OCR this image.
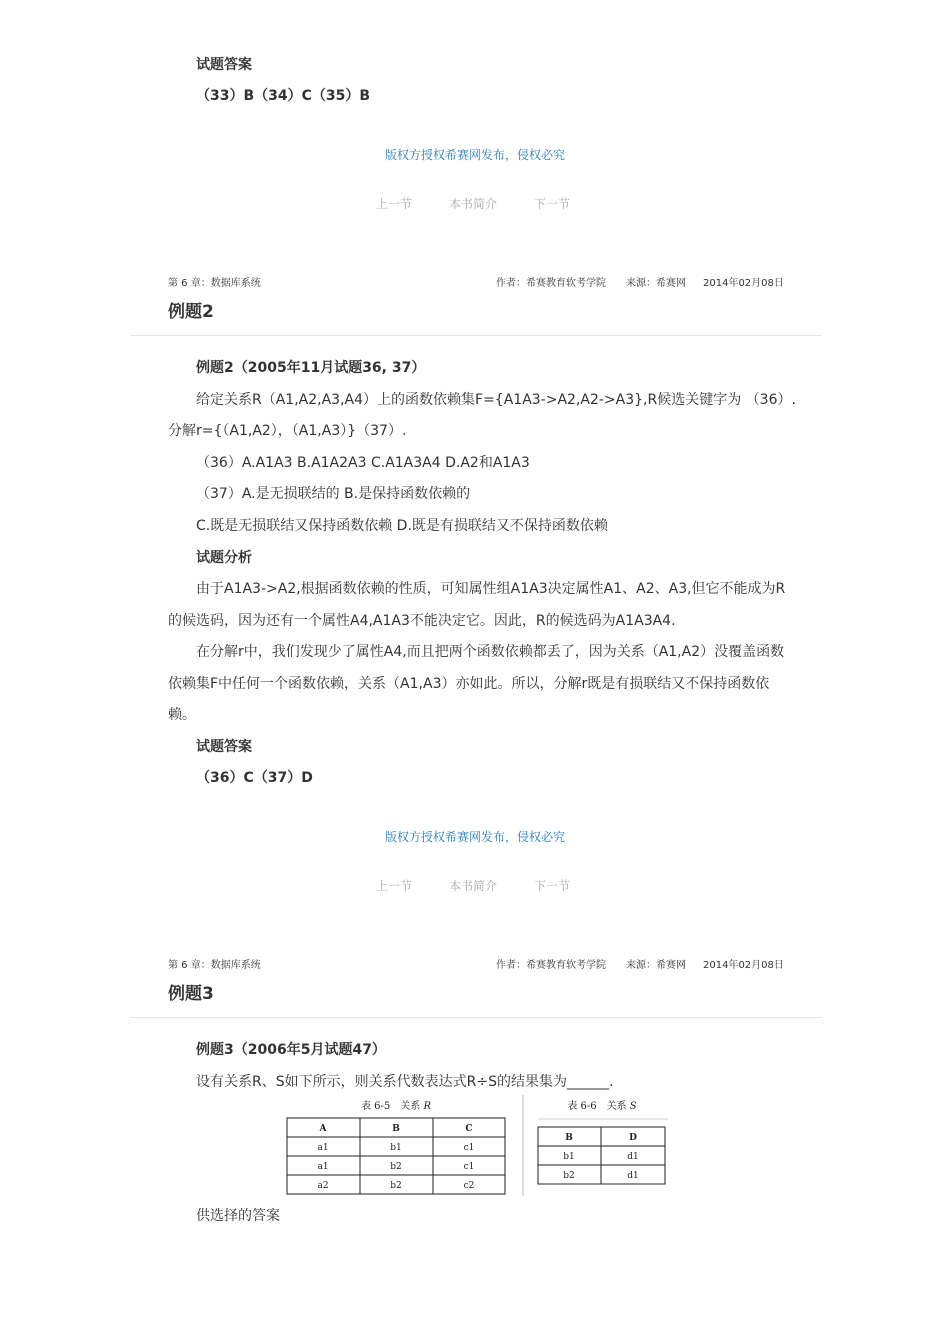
试题答案
（33）B（34）C（35）B
版权方授权希赛网发布，侵权必究
上一节	本书简介	下一节
第 6 章：数据库系统	作者：希赛教育软考学院 来源：希赛网 2014年02月08日
例题2
例题2（2005年11月试题36, 37）
给定关系R（A1,A2,A3,A4）上的函数依赖集F={A1A3->A2,A2->A3},R候选关键字为 （36）.
分解r={（A1,A2），（A1,A3）}（37）.
（36）A.A1A3 B.A1A2A3 C.A1A3A4 D.A2和A1A3
（37）A.是无损联结的 B.是保持函数依赖的
C.既是无损联结又保持函数依赖 D.既是有损联结又不保持函数依赖
试题分析
由于A1A3->A2,根据函数依赖的性质，可知属性组A1A3决定属性A1、A2、A3,但它不能成为R
的候选码，因为还有一个属性A4,A1A3不能决定它。因此，R的候选码为A1A3A4.
在分解r中，我们发现少了属性A4,而且把两个函数依赖都丢了，因为关系（A1,A2）没覆盖函数
依赖集F中任何一个函数依赖，关系（A1,A3）亦如此。所以，分解r既是有损联结又不保持函数依
赖。
试题答案
（36）C（37）D
版权方授权希赛网发布，侵权必究
上一节	本书简介	下一节
第 6 章：数据库系统	作者：希赛教育软考学院 来源：希赛网 2014年02月08日
例题3
例题3（2006年5月试题47）
设有关系R、S如下所示，则关系代数表达式R÷S的结果集为______.
表 6-5　关系 R	表 6-6　关系 S
A	B	C
a1	b1	c1
a1	b2	c1
a2	b2	c2
B	D
b1	d1
b2	d1
供选择的答案
